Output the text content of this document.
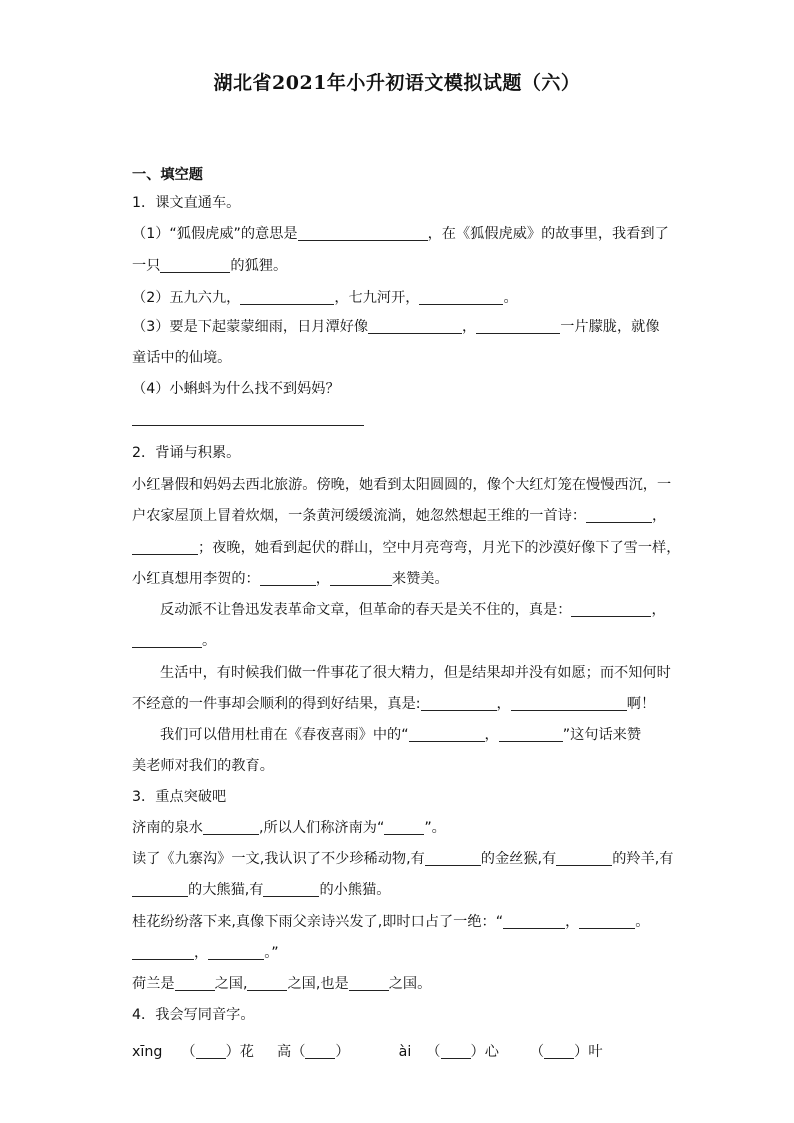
湖北省2021年小升初语文模拟试题（六）
一、填空题
1．课文直通车。
（1）“狐假虎威”的意思是	，在《狐假虎威》的故事里，我看到了
一只	的狐狸。
（2）五九六九，	，七九河开，	。
（3）要是下起蒙蒙细雨，日月潭好像	，	一片朦胧，就像
童话中的仙境。
（4）小蝌蚪为什么找不到妈妈？
2．背诵与积累。
小红暑假和妈妈去西北旅游。傍晚，她看到太阳圆圆的，像个大红灯笼在慢慢西沉，一
户农家屋顶上冒着炊烟，一条黄河缓缓流淌，她忽然想起王维的一首诗：	，
；夜晚，她看到起伏的群山，空中月亮弯弯，月光下的沙漠好像下了雪一样，
小红真想用李贺的：	，	来赞美。
反动派不让鲁迅发表革命文章，但革命的春天是关不住的，真是：	，
。
生活中，有时候我们做一件事花了很大精力，但是结果却并没有如愿；而不知何时
不经意的一件事却会顺利的得到好结果，真是:	，	啊！
我们可以借用杜甫在《春夜喜雨》中的“	，	”这句话来赞
美老师对我们的教育。
3．重点突破吧
济南的泉水	,所以人们称济南为“	”。
读了《九寨沟》一文,我认识了不少珍稀动物,有	的金丝猴,有	的羚羊,有
的大熊猫,有	的小熊猫。
桂花纷纷落下来,真像下雨父亲诗兴发了,即时口占了一绝：“	，	。
，	。”
荷兰是	之国,	之国,也是	之国。
4．我会写同音字。
xīng （ ）花 高（ ）	ài （ ）心 （ ）叶
